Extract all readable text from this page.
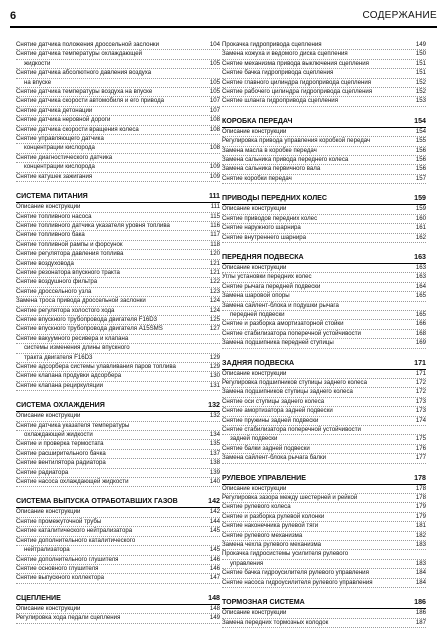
6	СОДЕРЖАНИЕ
Снятие датчика положения дроссельной заслонки	104
Снятие датчика температуры охлаждающей
жидкости	105
Снятие датчика абсолютного давления воздуха
на впуске	105
Снятие датчика температуры воздуха на впуске	105
Снятие датчика скорости автомобиля и его привода	107
Снятие датчика детонации	107
Снятие датчика неровной дороги	108
Снятие датчика скорости вращения колеса	108
Снятие управляющего датчика
концентрации кислорода	108
Снятие диагностического датчика
концентрации кислорода	109
Снятие катушек зажигания	109
СИСТЕМА ПИТАНИЯ	111
Описание конструкции	111
Снятие топливного насоса	115
Снятие топливного датчика указателя уровня топлива	116
Снятие топливного бака	117
Снятие топливной рампы и форсунок	118
Снятие регулятора давления топлива	120
Снятие воздуховода	121
Снятие резонатора впускного тракта	121
Снятие воздушного фильтра	122
Снятие дроссельного узла	123
Замена троса привода дроссельной заслонки	124
Снятие регулятора холостого хода	124
Снятие впускного трубопровода двигателя F16D3	125
Снятие впускного трубопровода двигателя A15SMS	127
Снятие вакуумного ресивера и клапана
системы изменения длины впускного
тракта двигателя F16D3	129
Снятие адсорбера системы улавливания паров топлива	129
Снятие клапана продувки адсорбера	130
Снятие клапана рециркуляции	131
СИСТЕМА ОХЛАЖДЕНИЯ	132
Описание конструкции	132
Снятие датчика указателя температуры
охлаждающей жидкости	134
Снятие и проверка термостата	135
Снятие расширительного бачка	137
Снятие вентилятора радиатора	138
Снятие радиатора	139
Снятие насоса охлаждающей жидкости	140
СИСТЕМА ВЫПУСКА ОТРАБОТАВШИХ ГАЗОВ	142
Описание конструкции	142
Снятие промежуточной трубы	144
Снятие каталитического нейтрализатора	145
Снятие дополнительного каталитического
нейтрализатора	145
Снятие дополнительного глушителя	146
Снятие основного глушителя	146
Снятие выпускного коллектора	147
СЦЕПЛЕНИЕ	148
Описание конструкции	148
Регулировка хода педали сцепления	149
Прокачка гидропривода сцепления	149
Замена кожуха и ведомого диска сцепления	150
Снятие механизма привода выключения сцепления	151
Снятие бачка гидропривода сцепления	151
Снятие главного цилиндра гидропривода сцепления	152
Снятие рабочего цилиндра гидропривода сцепления	152
Снятие шланга гидропривода сцепления	153
КОРОБКА ПЕРЕДАЧ	154
Описание конструкции	154
Регулировка привода управления коробкой передач	155
Замена масла в коробке передач	156
Замена сальника привода переднего колеса	156
Замена сальника первичного вала	156
Снятие коробки передач	157
ПРИВОДЫ ПЕРЕДНИХ КОЛЕС	159
Описание конструкции	159
Снятие приводов передних колес	160
Снятие наружного шарнира	161
Снятие внутреннего шарнира	162
ПЕРЕДНЯЯ ПОДВЕСКА	163
Описание конструкции	163
Углы установки передних колес	163
Снятие рычага передней подвески	164
Замена шаровой опоры	165
Замена сайлент-блока и подушки рычага
передней подвески	165
Снятие и разборка амортизаторной стойки	166
Снятие стабилизатора поперечной устойчивости	168
Замена подшипника передней ступицы	169
ЗАДНЯЯ ПОДВЕСКА	171
Описание конструкции	171
Регулировка подшипников ступицы заднего колеса	172
Замена подшипников ступицы заднего колеса	172
Снятие оси ступицы заднего колеса	173
Снятие амортизатора задней подвески	173
Снятие пружины задней подвески	174
Снятие стабилизатора поперечной устойчивости
задней подвески	175
Снятие балки задней подвески	176
Замена сайлент-блока рычага балки	177
РУЛЕВОЕ УПРАВЛЕНИЕ	178
Описание конструкции	178
Регулировка зазора между шестерней и рейкой	178
Снятие рулевого колеса	179
Снятие и разборка рулевой колонки	179
Снятие наконечника рулевой тяги	181
Снятие рулевого механизма	182
Замена чехла рулевого механизма	183
Прокачка гидросистемы усилителя рулевого
управления	183
Снятие бачка гидроусилителя рулевого управления	184
Снятие насоса гидроусилителя рулевого управления	184
ТОРМОЗНАЯ СИСТЕМА	186
Описание конструкции	186
Замена передних тормозных колодок	187
